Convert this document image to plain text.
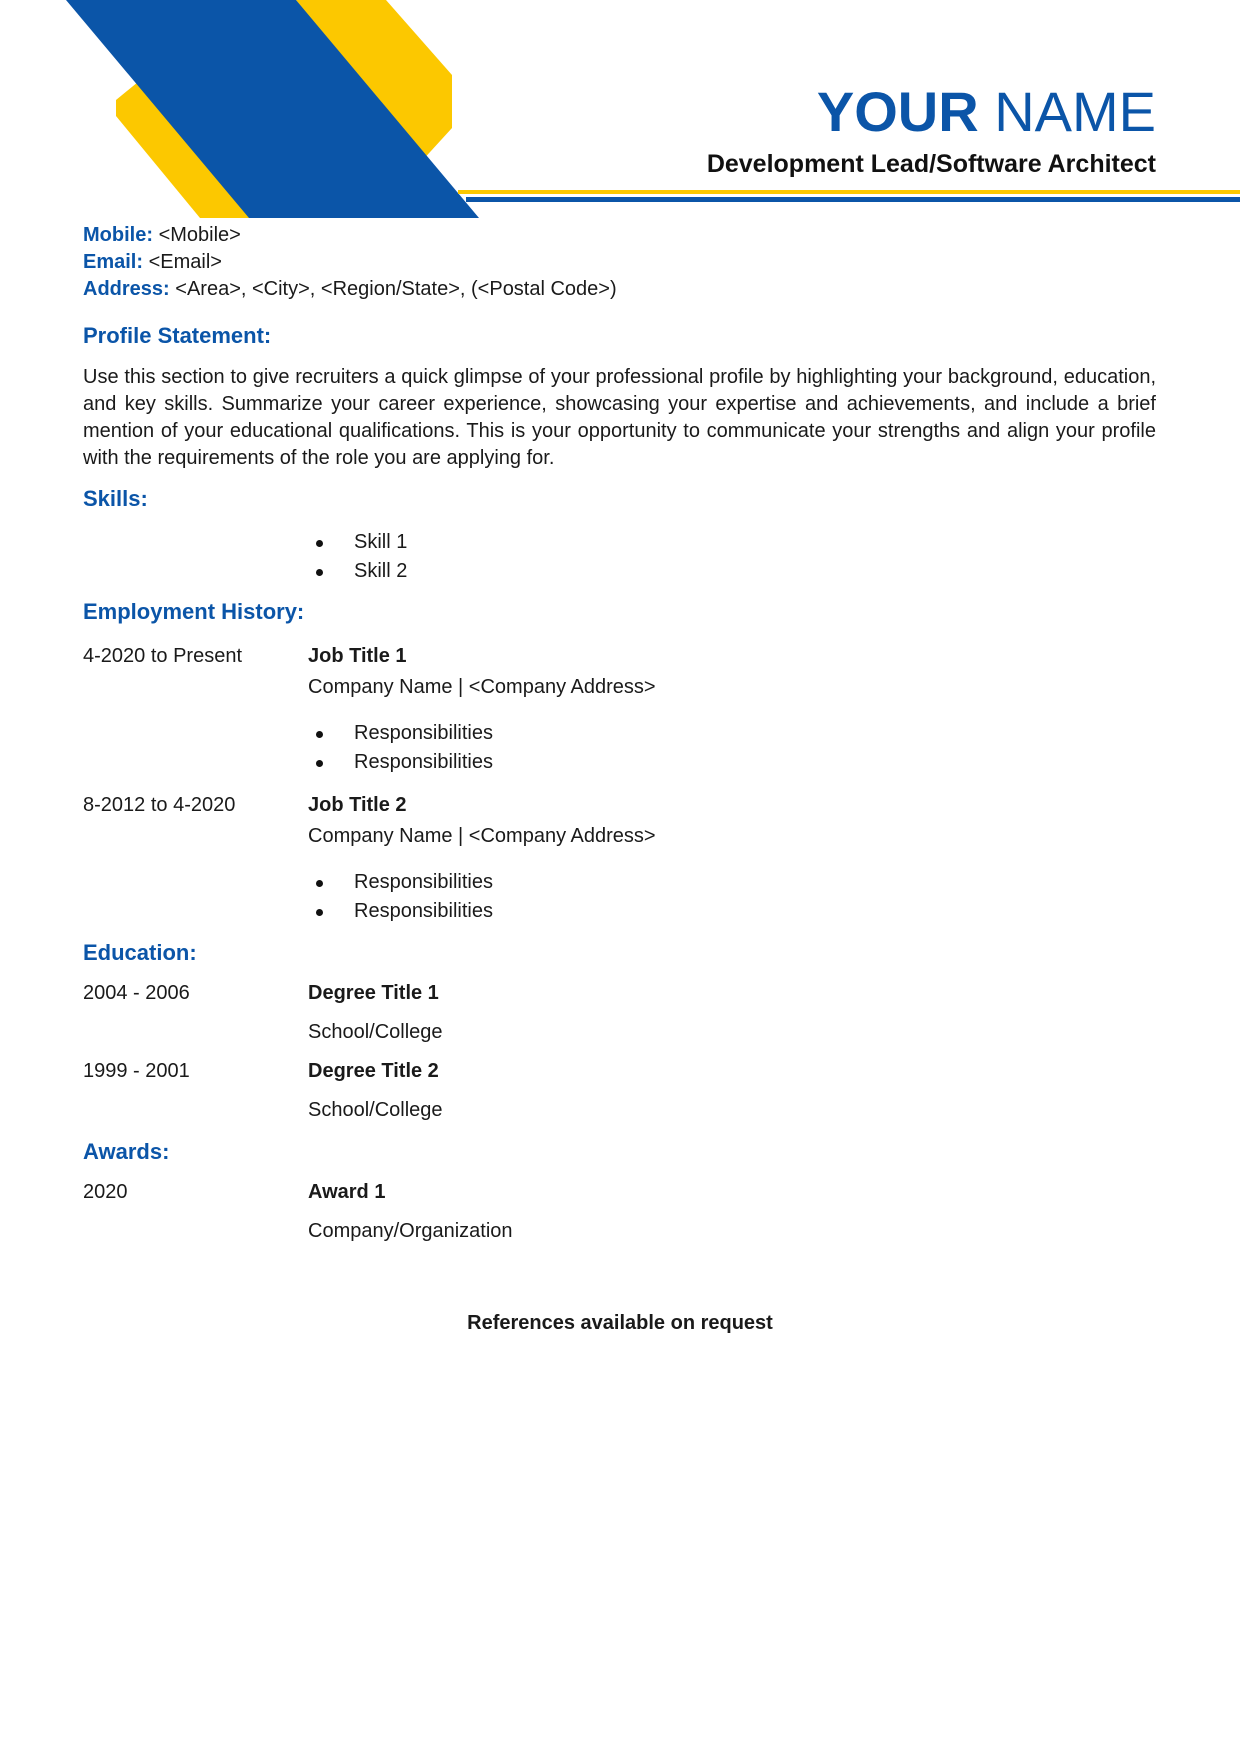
YOUR NAME

Development Lead/Software Architect

Mobile: <Mobile>
Email: <Email>
Address: <Area>, <City>, <Region/State>, (<Postal Code>)
Profile Statement:

Use this section to give recruiters a quick glimpse of your professional profile by highlighting your background, education, and key skills. Summarize your career experience, showcasing your expertise and achievements, and include a brief mention of your educational qualifications. This is your opportunity to communicate your strengths and align your profile with the requirements of the role you are applying for.

Skills:
Skill 1
Skill 2
Employment History:
4-2020 to Present	Job Title 1
Company Name | <Company Address>
Responsibilities
Responsibilities
8-2012 to 4-2020	Job Title 2
Company Name | <Company Address>
Responsibilities
Responsibilities
Education:
2004 - 2006	Degree Title 1
School/College
1999 - 2001	Degree Title 2
School/College
Awards:
2020	Award 1
Company/Organization
References available on request
